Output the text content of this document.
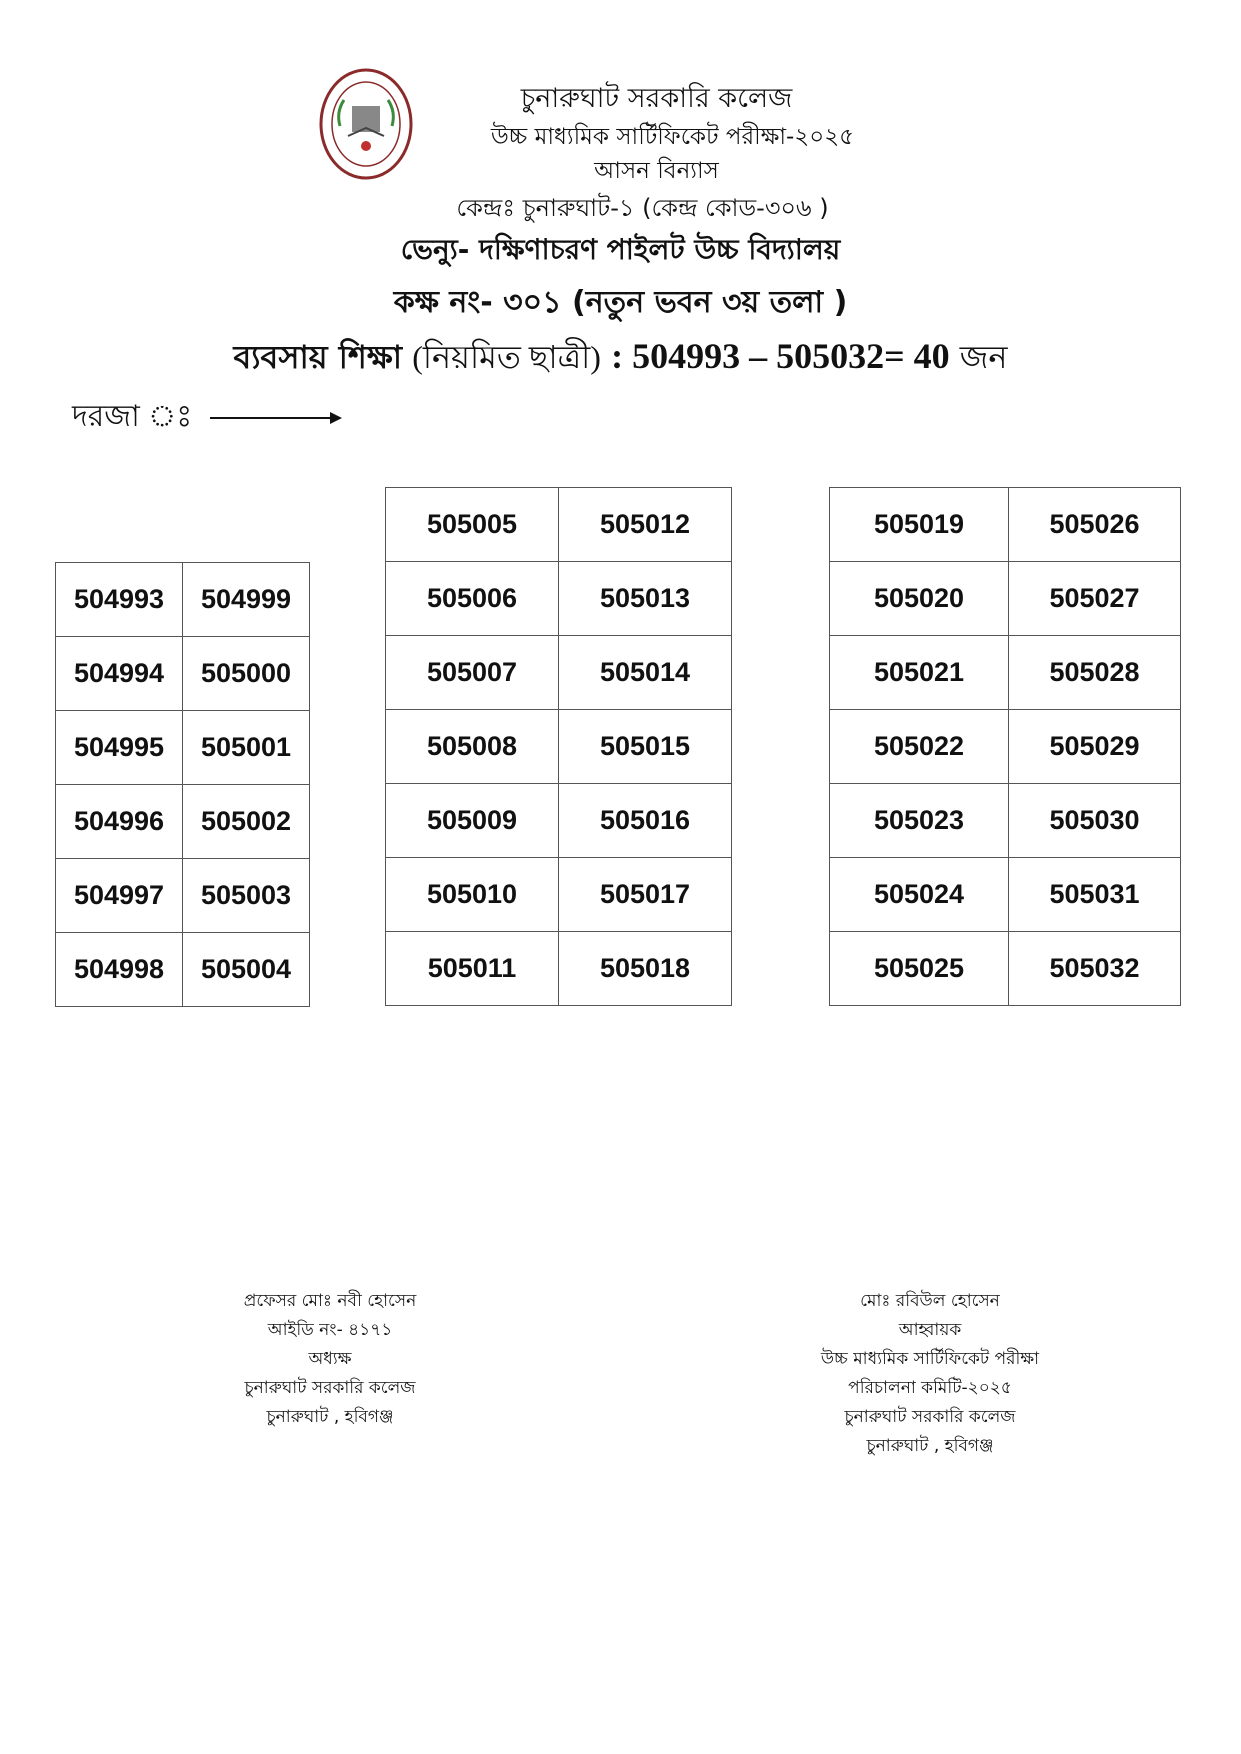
চুনারুঘাট সরকারি কলেজ
উচ্চ মাধ্যমিক সার্টিফিকেট পরীক্ষা-২০২৫
আসন বিন্যাস
কেন্দ্রঃ চুনারুঘাট-১ (কেন্দ্র কোড-৩০৬ )
ভেন্যু- দক্ষিণাচরণ পাইলট উচ্চ বিদ্যালয়
কক্ষ নং- ৩০১ (নতুন ভবন ৩য় তলা )
ব্যবসায় শিক্ষা (নিয়মিত ছাত্রী) : 504993 – 505032= 40 জন
দরজা ঃ
504993	504999
504994	505000
504995	505001
504996	505002
504997	505003
504998	505004
505005	505012
505006	505013
505007	505014
505008	505015
505009	505016
505010	505017
505011	505018
505019	505026
505020	505027
505021	505028
505022	505029
505023	505030
505024	505031
505025	505032
প্রফেসর মোঃ নবী হোসেন
আইডি নং- ৪১৭১
অধ্যক্ষ
চুনারুঘাট সরকারি কলেজ
চুনারুঘাট , হবিগঞ্জ
মোঃ রবিউল হোসেন
আহ্বায়ক
উচ্চ মাধ্যমিক সার্টিফিকেট পরীক্ষা
পরিচালনা কমিটি-২০২৫
চুনারুঘাট সরকারি কলেজ
চুনারুঘাট , হবিগঞ্জ
